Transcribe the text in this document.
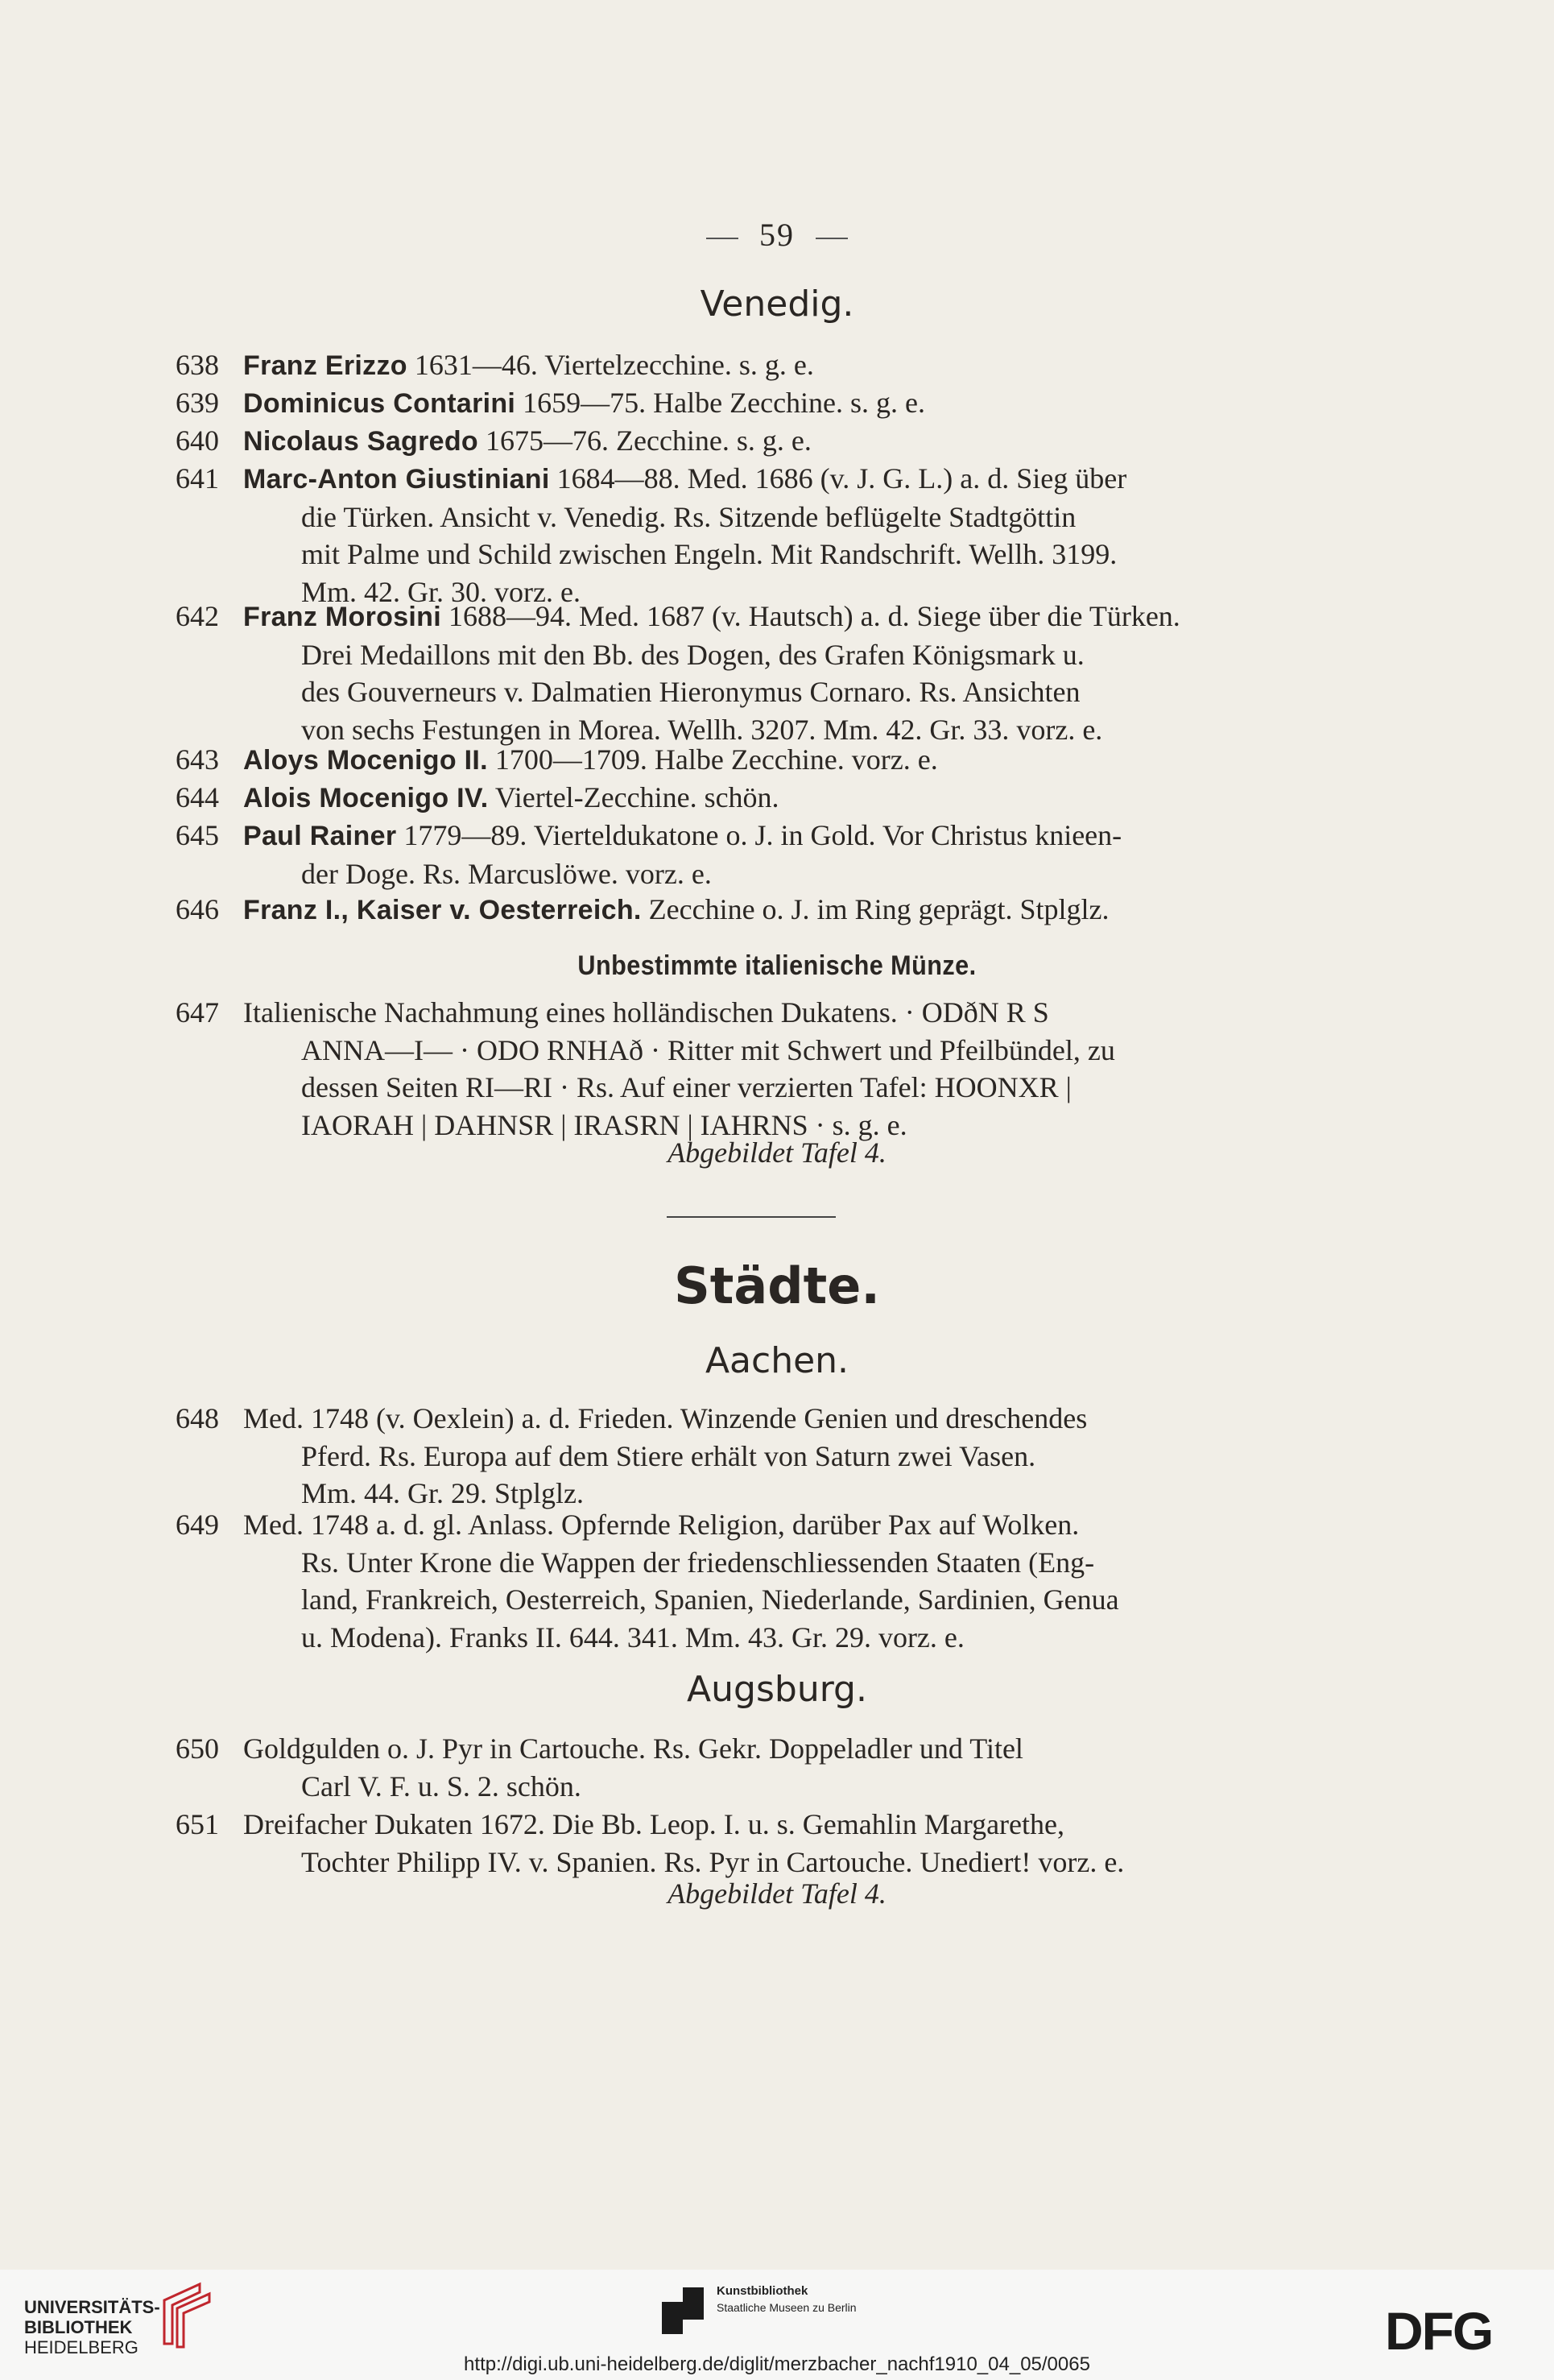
59
Venedig.
638 Franz Erizzo 1631—46. Viertelzecchine. s. g. e.
639 Dominicus Contarini 1659—75. Halbe Zecchine. s. g. e.
640 Nicolaus Sagredo 1675—76. Zecchine. s. g. e.
641 Marc-Anton Giustiniani 1684—88. Med. 1686 (v. J. G. L.) a. d. Sieg über
die Türken. Ansicht v. Venedig. Rs. Sitzende beflügelte Stadtgöttin
mit Palme und Schild zwischen Engeln. Mit Randschrift. Wellh. 3199.
Mm. 42. Gr. 30. vorz. e.
642 Franz Morosini 1688—94. Med. 1687 (v. Hautsch) a. d. Siege über die Türken.
Drei Medaillons mit den Bb. des Dogen, des Grafen Königsmark u.
des Gouverneurs v. Dalmatien Hieronymus Cornaro. Rs. Ansichten
von sechs Festungen in Morea. Wellh. 3207. Mm. 42. Gr. 33. vorz. e.
643 Aloys Mocenigo II. 1700—1709. Halbe Zecchine. vorz. e.
644 Alois Mocenigo IV. Viertel-Zecchine. schön.
645 Paul Rainer 1779—89. Vierteldukatone o. J. in Gold. Vor Christus knieen-
der Doge. Rs. Marcuslöwe. vorz. e.
646 Franz I., Kaiser v. Oesterreich. Zecchine o. J. im Ring geprägt. Stplglz.
Unbestimmte italienische Münze.
647 Italienische Nachahmung eines holländischen Dukatens. · ODðN R S
ANNA—I— · ODO RNHAð · Ritter mit Schwert und Pfeilbündel, zu
dessen Seiten RI—RI · Rs. Auf einer verzierten Tafel: HOONXR |
IAORAH | DAHNSR | IRASRN | IAHRNS · s. g. e.
Abgebildet Tafel 4.
Städte.
Aachen.
648 Med. 1748 (v. Oexlein) a. d. Frieden. Winzende Genien und dreschendes
Pferd. Rs. Europa auf dem Stiere erhält von Saturn zwei Vasen.
Mm. 44. Gr. 29. Stplglz.
649 Med. 1748 a. d. gl. Anlass. Opfernde Religion, darüber Pax auf Wolken.
Rs. Unter Krone die Wappen der friedenschliessenden Staaten (Eng-
land, Frankreich, Oesterreich, Spanien, Niederlande, Sardinien, Genua
u. Modena). Franks II. 644. 341. Mm. 43. Gr. 29. vorz. e.
Augsburg.
650 Goldgulden o. J. Pyr in Cartouche. Rs. Gekr. Doppeladler und Titel
Carl V. F. u. S. 2. schön.
651 Dreifacher Dukaten 1672. Die Bb. Leop. I. u. s. Gemahlin Margarethe,
Tochter Philipp IV. v. Spanien. Rs. Pyr in Cartouche. Unediert! vorz. e.
Abgebildet Tafel 4.
UNIVERSITÄTS-
BIBLIOTHEK
HEIDELBERG
Kunstbibliothek
Staatliche Museen zu Berlin	DFG
http://digi.ub.uni-heidelberg.de/diglit/merzbacher_nachf1910_04_05/0065
